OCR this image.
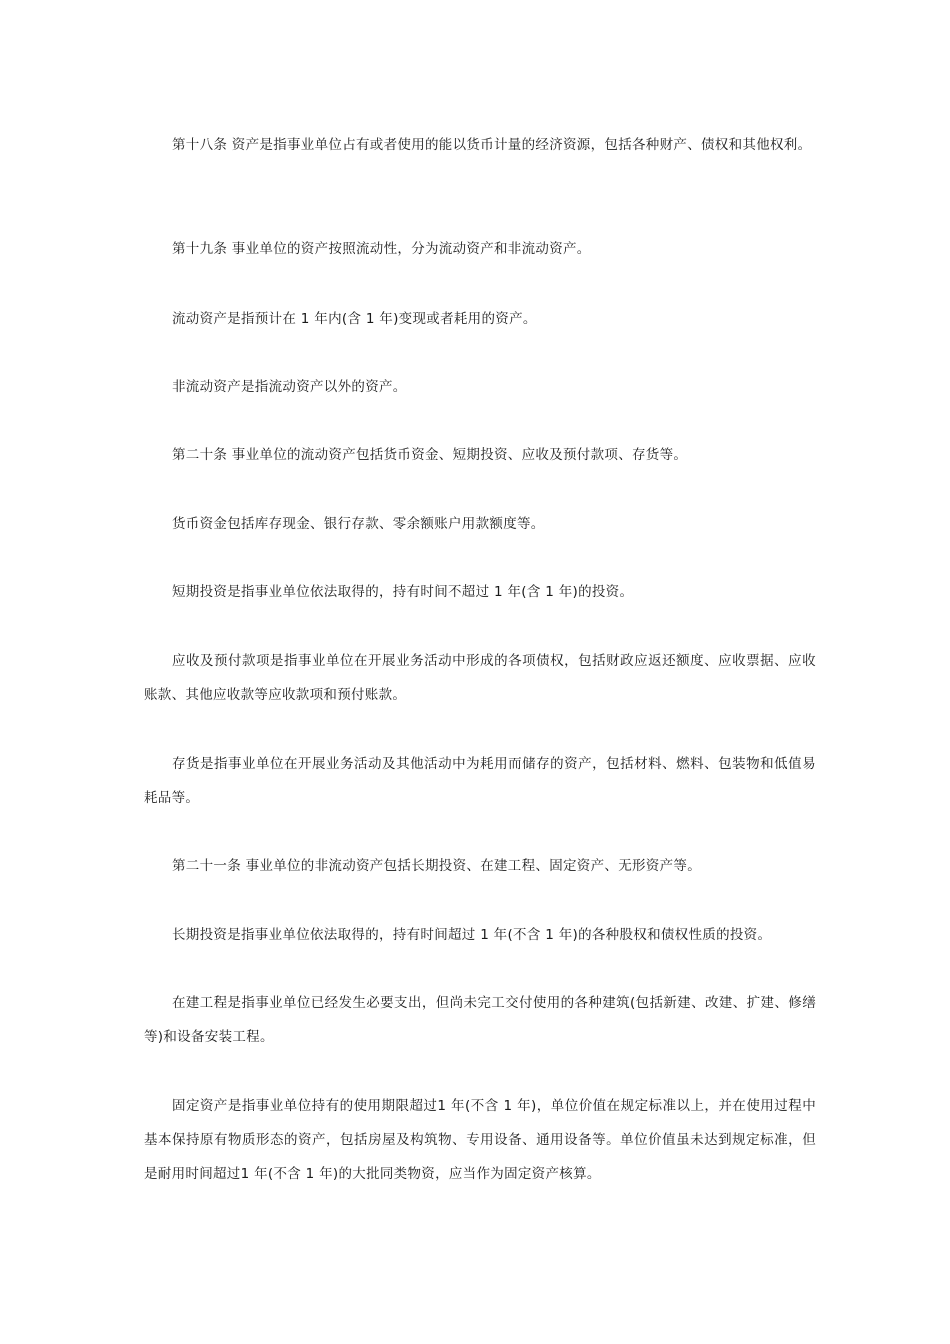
第十八条 资产是指事业单位占有或者使用的能以货币计量的经济资源，包括各种财产、债权和其他权利。

第十九条 事业单位的资产按照流动性，分为流动资产和非流动资产。

流动资产是指预计在 1 年内(含 1 年)变现或者耗用的资产。

非流动资产是指流动资产以外的资产。

第二十条 事业单位的流动资产包括货币资金、短期投资、应收及预付款项、存货等。

货币资金包括库存现金、银行存款、零余额账户用款额度等。

短期投资是指事业单位依法取得的，持有时间不超过 1 年(含 1 年)的投资。

应收及预付款项是指事业单位在开展业务活动中形成的各项债权，包括财政应返还额度、应收票据、应收账款、其他应收款等应收款项和预付账款。

存货是指事业单位在开展业务活动及其他活动中为耗用而储存的资产，包括材料、燃料、包装物和低值易耗品等。

第二十一条 事业单位的非流动资产包括长期投资、在建工程、固定资产、无形资产等。

长期投资是指事业单位依法取得的，持有时间超过 1 年(不含 1 年)的各种股权和债权性质的投资。

在建工程是指事业单位已经发生必要支出，但尚未完工交付使用的各种建筑(包括新建、改建、扩建、修缮等)和设备安装工程。

固定资产是指事业单位持有的使用期限超过1 年(不含 1 年)，单位价值在规定标准以上，并在使用过程中基本保持原有物质形态的资产，包括房屋及构筑物、专用设备、通用设备等。单位价值虽未达到规定标准，但是耐用时间超过1 年(不含 1 年)的大批同类物资，应当作为固定资产核算。
